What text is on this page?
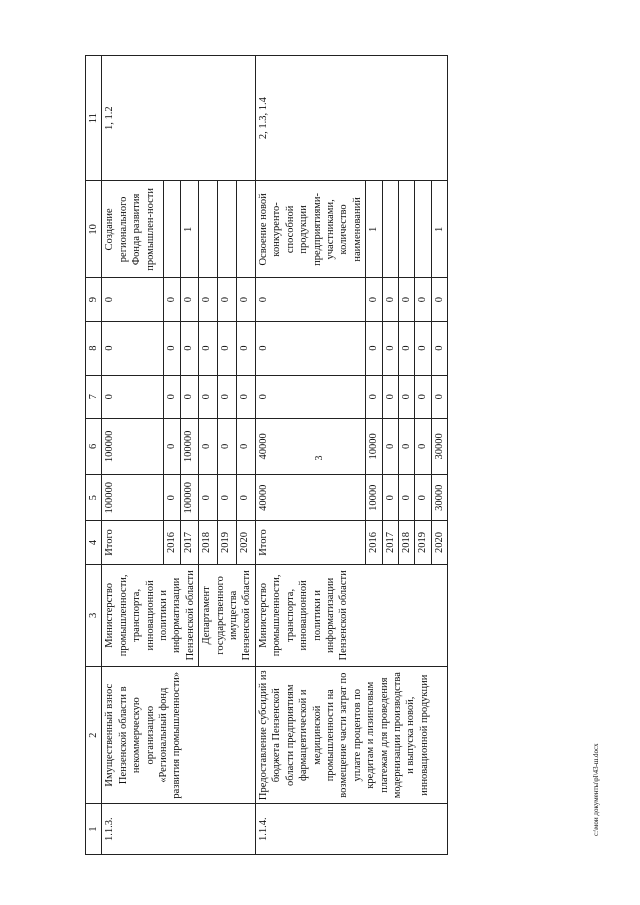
3
1	2	3	4	5	6	7	8	9	10	11
1.1.3.	Имущественный взнос Пензенской области в некоммерческую организацию «Региональный фонд развития промышленности»	Министерство промышленности, транспорта, инновационной политики и информатизации Пензенской области	Итого	100000	100000	0	0	0	Создание регионального Фонда развития промышлен-ности	1, 1.2
			2016	0	0	0	0	0		
			2017	100000	100000	0	0	0	1	
		Департамент государственного имущества Пензенской области	2018	0	0	0	0	0		
			2019	0	0	0	0	0		
			2020	0	0	0	0	0		
1.1.4.	Предоставление субсидий из бюджета Пензенской области предприятиям фармацевтической и медицинской промышленности на возмещение части затрат по уплате процентов по кредитам и лизинговым платежам для проведения модернизации производства и выпуска новой, инновационной продукции	Министерство промышленности, транспорта, инновационной политики и информатизации Пензенской области	Итого	40000	40000	0	0	0	Освоение новой конкуренто-способной продукции предприятиями-участниками, количество наименований	2, 1.3, 1.4
			2016	10000	10000	0	0	0	1	
			2017	0	0	0	0	0		
			2018	0	0	0	0	0		
			2019	0	0	0	0	0		
			2020	30000	30000	0	0	0	1	
c:\мои документы\pl\43-ш.docx
